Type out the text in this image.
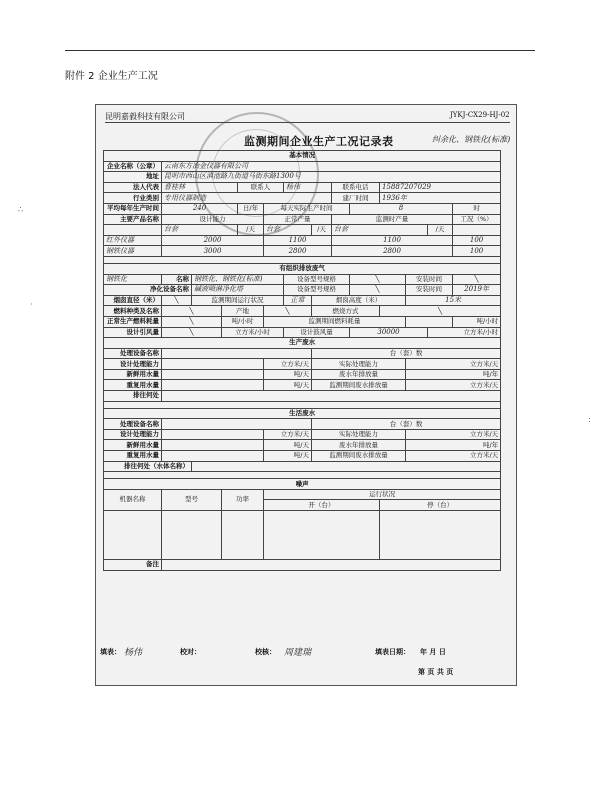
附件 2 企业生产工况
昆明嘉毅科技有限公司	JYKJ-CX29-HJ-02
监测期间企业生产工况记录表	纠余化、钢铁化(标准)
∴
·
:
基本情况													
企业名称（公章）	云南东方冶金仪器有限公司												
地址	昆明市西山区滇池路九街道马街东路1300号												
法人代表	曹桂林			联系人		杨伟		联系电话		15887207029			
行业类别	专用仪器制造							建厂时间		1936年			
平均每年生产时间	240			日/年	每天实际生产时间				8				时
主要产品名称	设计能力				正常产量			监测时产量					工况（%）
	台套			/天	台套		/天	台套				/天	
红外仪器	2000				1100			1100					100
钢铁仪器	3000				2800			2800					100

有组织排放废气													
钢铁化	名称	钢铁化、钢铁化(标准)				设备型号规格			╲		安装时间		╲
净化设备名称		碱液喷淋净化塔				设备型号规格			╲		安装时间		2019年
烟囱直径（米）	╲	监测期间运行状况				正常	烟囱高度（米）				15米		
燃料种类及名称	╲		产地		╲		燃烧方式			╲			
正常生产燃料耗量	╲		吨/小时		监测期间燃料耗量								吨/小时
设计引风量	╲		立方米/小时			设计鼓风量			30000			立方米/小时	
生产废水													
处理设备名称							台（套）数						
设计处理能力					立方米/天		实际处理能力				立方米/天		
新鲜用水量					吨/天		废水年排放量				吨/年		
重复用水量					吨/天		监测期间废水排放量				立方米/天		
排往何处													

生活废水													
处理设备名称							台（套）数						
设计处理能力					立方米/天		实际处理能力				立方米/天		
新鲜用水量					吨/天		废水年排放量				吨/年		
重复用水量					吨/天		监测期间废水排放量				立方米/天		
排往何处（水体名称）													

噪声													
机器名称	型号		功率		运行状况								
					开（台）					停（台）			

备注													
填表： 杨伟	校对：	校核： 周建瑞	填表日期： 年 月 日
第 页 共 页
